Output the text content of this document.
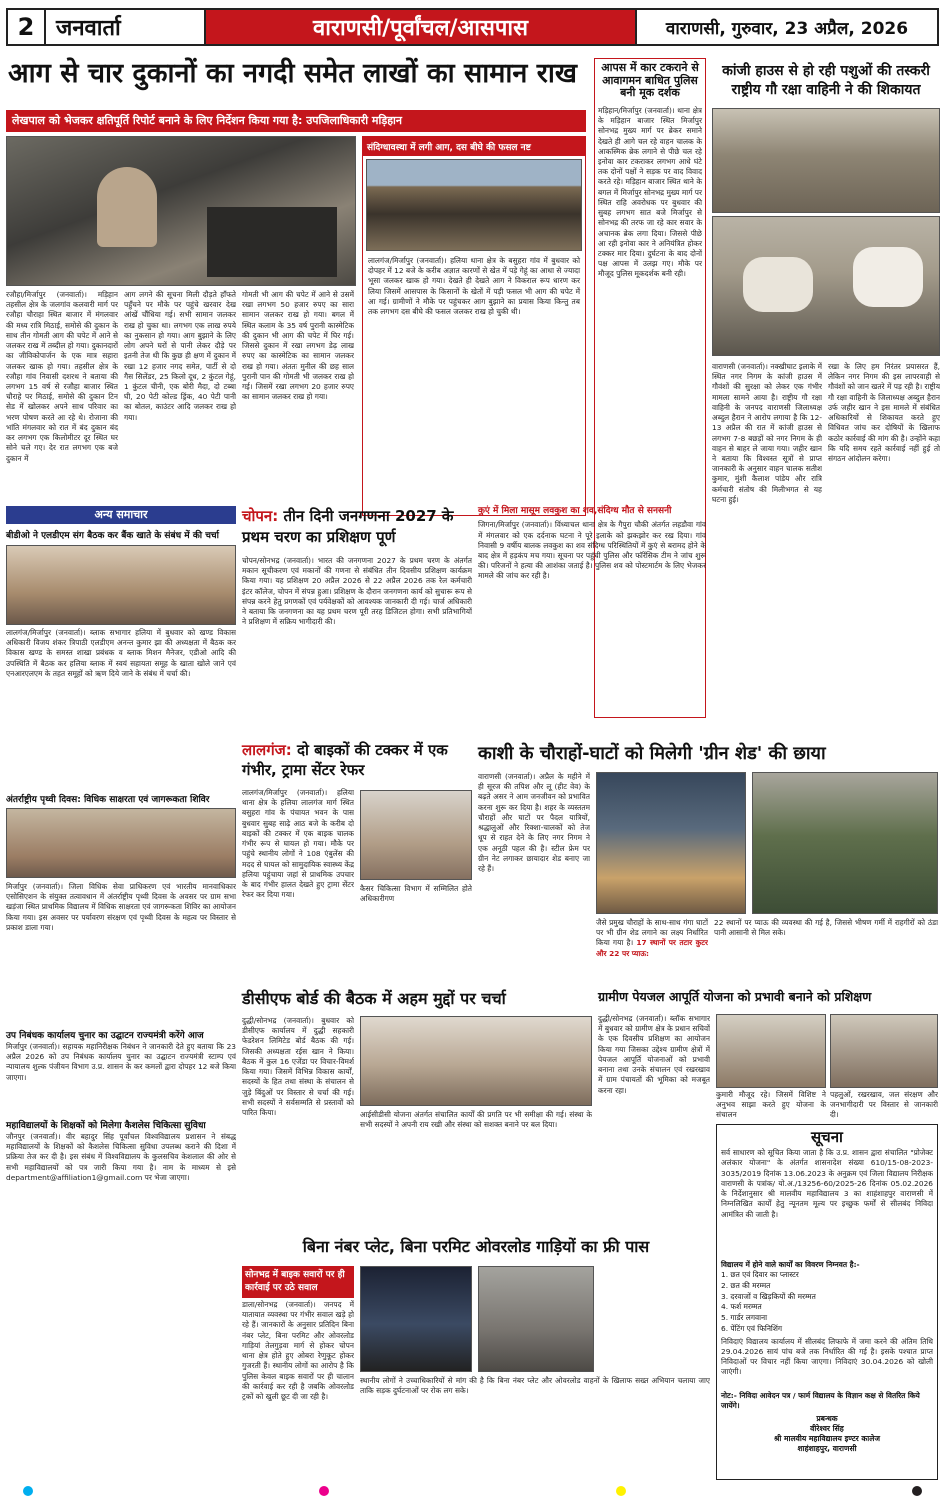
2 जनवार्ता	वाराणसी/पूर्वांचल/आसपास	वाराणसी, गुरुवार, 23 अप्रैल, 2026
आग से चार दुकानों का नगदी समेत लाखों का सामान राख
लेखपाल को भेजकर क्षतिपूर्ति रिपोर्ट बनाने के लिए निर्देशन किया गया है: उपजिलाधिकारी मड़िहान
संदिग्धावस्था में लगी आग, दस बीघे की फसल नष्ट
लालगंज/मिर्जापुर (जनवार्ता)। हलिया थाना क्षेत्र के बसुहरा गांव में बुधवार को दोपहर में 12 बजे के करीब अज्ञात कारणों से खेत में पड़े गेहूं का आधा से ज्यादा भूसा जलकर खाक हो गया। देखते ही देखते आग ने विकराल रूप धारण कर लिया जिसमें आसपास के किसानों के खेतों में पड़ी फसल भी आग की चपेट में आ गई। ग्रामीणों ने मौके पर पहुंचकर आग बुझाने का प्रयास किया किन्तु तब तक लगभग दस बीघे की फसल जलकर राख हो चुकी थी।
रजौहा/मिर्जापुर (जनवार्ता)। मड़िहान तहसील क्षेत्र के जलगांव कलवारी मार्ग पर रजौहा चौराहा स्थित बाजार में मंगलवार की मध्य रात्रि मिठाई, समोसे की दुकान के साथ तीन गोमती आग की चपेट में आने से जलकर राख में तब्दील हो गया। दुकानदारों का जीविकोपार्जन के एक मात्र सहारा जलकर खाक हो गया। तहसील क्षेत्र के रजौहा गांव निवासी दशरथ ने बताया की लगभग 15 वर्ष से रजौहा बाजार स्थित चौराहे पर मिठाई, समोसे की दुकान टिन सेड में खोलकर अपने साथ परिवार का भरण पोषण करते आ रहे थे। रोजाना की भांति मंगलवार को रात में बंद दुकान बंद कर लगभग एक किलोमीटर दूर स्थित घर सोने चले गए। देर रात लगभग एक बजे दुकान में
आग लगने की सूचना मिली दौड़ते हाँफते पहुँचने पर मौके पर पहुंचे खरवार देख आंखें चौंधिया गई। सभी सामान जलकर राख हो चुका था। लगभग एक लाख रुपये का नुकसान हो गया। आग बुझाने के लिए लोग अपने घरों से पानी लेकर दौड़े पर इतनी तेज थी कि कुछ ही क्षण में दुकान में रखा 12 हजार नगद समेत, पार्टी से दो गैस सिलेंडर, 25 किलो दूध, 2 कुंटल गेहूं, 1 कुंटल चीनी, एक बोरी मैदा, दो टब्बा घी, 20 पेटी कोल्ड ड्रिंक, 40 पेटी पानी का बोतल, काउंटर आदि जलकर राख हो गया।
गोमती भी आग की चपेट में आने से उसमें रखा लगभग 50 हजार रुपए का सारा सामान जलकर राख हो गया। बगल में स्थित कलाम के 35 वर्ष पुरानी कास्मेटिक की दुकान भी आग की चपेट में घिर गई। जिससे दुकान में रखा लगभग डेढ़ लाख रुपए का कास्मेटिक का सामान जलकर राख हो गया। अंततः मुनील की छह साल पुरानी पान की गोमती भी जलकर राख हो गई। जिसमें रखा लगभग 20 हजार रुपए का सामान जलकर राख हो गया।
आपस में कार टकराने से आवागमन बाधित पुलिस बनी मूक दर्शक
मड़िहान/मिर्जापुर (जनवार्ता)। थाना क्षेत्र के मड़िहान बाजार स्थित मिर्जापुर सोनभद्र मुख्य मार्ग पर ब्रेकर समाने देखते ही आगे चल रहे वाहन चालक के आकस्मिक ब्रेक लगाने से पीछे चल रहे इनोवा कार टकराकर लगभग आधे घंटे तक दोनों पक्षों ने सड़क पर वाद विवाद करते रहे। मड़िहान बाजार स्थित थाने के बगल में मिर्जापुर सोनभद्र मुख्य मार्ग पर स्थित राहि अवरोधक पर बुधवार की सुबह लगभग सात बजे मिर्जापुर से सोनभद्र की तरफ जा रहे कार सवार के अचानक ब्रेक लगा दिया। जिससे पीछे आ रही इनोवा कार ने अनियंत्रित होकर टक्कर मार दिया। दुर्घटना के बाद दोनों पक्ष आपस में उलझ गए। मौके पर मौजूद पुलिस मूकदर्शक बनी रही।
कांजी हाउस से हो रही पशुओं की तस्करी राष्ट्रीय गौ रक्षा वाहिनी ने की शिकायत
वाराणसी (जनवार्ता)। नक्खीघाट इलाके में स्थित नगर निगम के कांजी हाउस में गौवंशों की सुरक्षा को लेकर एक गंभीर मामला सामने आया है। राष्ट्रीय गौ रक्षा वाहिनी के जनपद वाराणसी जिलाध्यक्ष अब्दुल हैरान ने आरोप लगाया है कि 12-13 अप्रैल की रात में कांजी हाउस से लगभग 7-8 बछड़ों को नगर निगम के ही वाहन से बाहर ले जाया गया। जहीर खान ने बताया कि विश्वस्त सूत्रों से प्राप्त जानकारी के अनुसार वाहन चालक सतीश कुमार, मुंशी कैलाश पांडेय और रात्रि कर्मचारी संतोष की मिलीभगत से यह घटना हुई।
रखा के लिए हम निरंतर प्रयासरत हैं, लेकिन नगर निगम की इस लापरवाही से गौवंशों को जान खतरे में पड़ रही है। राष्ट्रीय गौ रक्षा वाहिनी के जिलाध्यक्ष अब्दुल हैरान उर्फ जहीर खान ने इस मामले में संबंधित अधिकारियों से शिकायत करते हुए विधिवत जांच कर दोषियों के खिलाफ कठोर कार्रवाई की मांग की है। उन्होंने कहा कि यदि समय रहते कार्रवाई नहीं हुई तो संगठन आंदोलन करेगा।
अन्य समाचार
बीडीओ ने एलडीएम संग बैठक कर बैंक खाते के संबंध में की चर्चा
लालगंज/मिर्जापुर (जनवार्ता)। ब्लाक सभागार हलिया में बुधवार को खण्ड विकास अधिकारी विजय शंकर त्रिपाठी एलडीएम अनन्त कुमार झा की अध्यक्षता में बैठक कर विकास खण्ड के समस्त शाखा प्रबंधक व ब्लाक मिशन मैनेजर, एडीओ आदि की उपस्थिति में बैठक कर हलिया ब्लाक में स्वयं सहायता समूह के खाता खोले जाने एवं एनआरएलएम के तहत समूहों को ऋण दिये जाने के संबंध में चर्चा की।
अंतर्राष्ट्रीय पृथ्वी दिवस: विधिक साक्षरता एवं जागरूकता शिविर
मिर्जापुर (जनवार्ता)। जिला विधिक सेवा प्राधिकरण एवं भारतीय मानवाधिकार एसोसिएशन के संयुक्त तत्वावधान में अंतर्राष्ट्रीय पृथ्वी दिवस के अवसर पर ग्राम सभा खड़ंजा स्थित प्राथमिक विद्यालय में विधिक साक्षरता एवं जागरूकता शिविर का आयोजन किया गया। इस अवसर पर पर्यावरण संरक्षण एवं पृथ्वी दिवस के महत्व पर विस्तार से प्रकाश डाला गया।
उप निबंधक कार्यालय चुनार का उद्घाटन राज्यमंत्री करेंगे आज
मिर्जापुर (जनवार्ता)। सहायक महानिरीक्षक निबंधन ने जानकारी देते हुए बताया कि 23 अप्रैल 2026 को उप निबंधक कार्यालय चुनार का उद्घाटन राज्यमंत्री स्टाम्प एवं न्यायालय शुल्क पंजीयन विभाग उ.प्र. शासन के कर कमलों द्वारा दोपहर 12 बजे किया जाएगा।
महाविद्यालयों के शिक्षकों को मिलेगा कैशलेस चिकित्सा सुविधा
जौनपुर (जनवार्ता)। वीर बहादुर सिंह पूर्वांचल विश्वविद्यालय प्रशासन ने संबद्ध महाविद्यालयों के शिक्षकों को कैशलेस चिकित्सा सुविधा उपलब्ध कराने की दिशा में प्रक्रिया तेज कर दी है। इस संबंध में विश्वविद्यालय के कुलसचिव केशलाल की ओर से सभी महाविद्यालयों को पत्र जारी किया गया है। नाम के माध्यम से इसे department@affiliation1@gmail.com पर भेजा जाएगा।
चोपन: तीन दिनी जनगणना 2027 के प्रथम चरण का प्रशिक्षण पूर्ण
चोपन/सोनभद्र (जनवार्ता)। भारत की जनगणना 2027 के प्रथम चरण के अंतर्गत मकान सूचीकरण एवं मकानों की गणना से संबंधित तीन दिवसीय प्रशिक्षण कार्यक्रम किया गया। यह प्रशिक्षण 20 अप्रैल 2026 से 22 अप्रैल 2026 तक रेल कर्मचारी इंटर कॉलेज, चोपन में संपन्न हुआ। प्रशिक्षण के दौरान जनगणना कार्य को सुचारू रूप से संपन्न करने हेतु प्रगणकों एवं पर्यवेक्षकों को आवश्यक जानकारी दी गई। चार्ज अधिकारी ने बताया कि जनगणना का यह प्रथम चरण पूरी तरह डिजिटल होगा। सभी प्रतिभागियों ने प्रशिक्षण में सक्रिय भागीदारी की।
कुएं में मिला मासूम लवकुश का शव,संदिग्ध मौत से सनसनी
जिगना/मिर्जापुर (जनवार्ता)। विंध्याचल थाना क्षेत्र के गैपुरा चौकी अंतर्गत लहडौवा गांव में मंगलवार को एक दर्दनाक घटना ने पूरे इलाके को झकझोर कर रख दिया। गांव निवासी 9 वर्षीय बालक लवकुश का शव संदिग्ध परिस्थितियों में कुएं से बरामद होने के बाद क्षेत्र में हड़कंप मच गया। सूचना पर पहुंची पुलिस और फॉरेंसिक टीम ने जांच शुरू की। परिजनों ने हत्या की आशंका जताई है। पुलिस शव को पोस्टमार्टम के लिए भेजकर मामले की जांच कर रही है।
लालगंज: दो बाइकों की टक्कर में एक गंभीर, ट्रामा सेंटर रेफर
लालगंज/मिर्जापुर (जनवार्ता)। हलिया थाना क्षेत्र के हलिया लालगंज मार्ग स्थित बसुहरा गांव के पंचायत भवन के पास बुधवार सुबह साढ़े आठ बजे के करीब दो बाइकों की टक्कर में एक बाइक चालक गंभीर रूप से घायल हो गया। मौके पर पहुंचे स्थानीय लोगों ने 108 एंबुलेंस की मदद से घायल को सामुदायिक स्वास्थ्य केंद्र हलिया पहुंचाया जहां से प्राथमिक उपचार के बाद गंभीर हालत देखते हुए ट्रामा सेंटर रेफर कर दिया गया।
कैसर चिकित्सा विभाग में सम्मिलित होते अधिकारीगण
काशी के चौराहों-घाटों को मिलेगी 'ग्रीन शेड' की छाया
वाराणसी (जनवार्ता)। अप्रैल के महीने में ही सूरज की तपिश और लू (हीट वेव) के बढ़ते असर ने आम जनजीवन को प्रभावित करना शुरू कर दिया है। शहर के व्यस्ततम चौराहों और घाटों पर पैदल यात्रियों, श्रद्धालुओं और रिक्शा-चालकों को तेज धूप से राहत देने के लिए नगर निगम ने एक अनूठी पहल की है। स्टील फ्रेम पर ग्रीन नेट लगाकर छायादार शेड बनाए जा रहे हैं।
जैसे प्रमुख चौराहों के साथ-साथ गंगा घाटों पर भी ग्रीन शेड लगाने का लक्ष्य निर्धारित किया गया है। 17 स्थानों पर तटार कुटर और 22 पर प्याऊ:
22 स्थानों पर प्याऊ की व्यवस्था की गई है, जिससे भीषण गर्मी में राहगीरों को ठंडा पानी आसानी से मिल सके।
डीसीएफ बोर्ड की बैठक में अहम मुद्दों पर चर्चा
दुद्धी/सोनभद्र (जनवार्ता)। बुधवार को डीसीएफ कार्यालय में दुद्धी सहकारी फेडरेशन लिमिटेड बोर्ड बैठक की गई। जिसकी अध्यक्षता रईस खान ने किया। बैठक में कुल 16 एजेंडा पर विचार-विमर्श किया गया। जिसमें विभिन्न विकास कार्यों, सदस्यों के हित तथा संस्था के संचालन से जुड़े बिंदुओं पर विस्तार से चर्चा की गई। सभी सदस्यों ने सर्वसम्मति से प्रस्तावों को पारित किया।	आईसीडीसी योजना अंतर्गत संचालित कार्यों की प्रगति पर भी समीक्षा की गई। संस्था के सभी सदस्यों ने अपनी राय रखी और संस्था को सशक्त बनाने पर बल दिया।
ग्रामीण पेयजल आपूर्ति योजना को प्रभावी बनाने को प्रशिक्षण
दुद्धी/सोनभद्र (जनवार्ता)। ब्लॉक सभागार में बुधवार को ग्रामीण क्षेत्र के प्रधान सचिवों के एक दिवसीय प्रशिक्षण का आयोजन किया गया जिसका उद्देश्य ग्रामीण क्षेत्रों में पेयजल आपूर्ति योजनाओं को प्रभावी बनाना तथा उनके संचालन एवं रखरखाव में ग्राम पंचायतों की भूमिका को मजबूत करना रहा।	कुमारी मौजूद रहे। जिसमें विशिष्ट ने अनुभव साझा करते हुए योजना के संचालन
पहलुओं, रखरखाव, जल संरक्षण और जनभागीदारी पर विस्तार से जानकारी दी।
सूचना
सर्व साधारण को सूचित किया जाता है कि उ.प्र. शासन द्वारा संचालित "प्रोजेक्ट अलंकार योजना" के अंतर्गत शासनादेश संख्या 610/15-08-2023-3035/2019 दिनांक 13.06.2023 के अनुक्रम एवं जिला विद्यालय निरीक्षक वाराणसी के पत्रांक/ यो.अ./13256-60/2025-26 दिनांक 05.02.2026 के निर्देशानुसार श्री मालवीय महाविद्यालय 3 का शाहंशाहपुर वाराणसी में निम्नलिखित कार्यों हेतु न्यूनतम मूल्य पर इच्छुक फर्मों से सीलबंद निविदा आमंत्रित की जाती है।
विद्यालय में होने वाले कार्यों का विवरण निम्नवत है:-
1. छत एवं दिवार का प्लास्टर
2. छत की मरम्मत
3. दरवाजों व खिड़कियों की मरम्मत
4. फर्श मरम्मत
5. गार्डर लगवाना
6. पेंटिंग एवं फिनिशिंग
निविदाएं विद्यालय कार्यालय में सीलबंद लिफाफे में जमा करने की अंतिम तिथि 29.04.2026 सायं पांच बजे तक निर्धारित की गई है। इसके पश्चात प्राप्त निविदाओं पर विचार नहीं किया जाएगा। निविदाएं 30.04.2026 को खोली जाएंगी।
नोट:- निविदा आवेदन पत्र / फार्म विद्यालय के विज्ञान कक्ष से वितरित किये जायेंगे।
प्रबन्धक
वीरेश्वर सिंह
श्री मालवीय महाविद्यालय इण्टर कालेज
शाहंशाहपुर, वाराणसी
बिना नंबर प्लेट, बिना परमिट ओवरलोड गाड़ियों का फ्री पास
सोनभद्र में बाइक सवारों पर ही कार्रवाई पर उठे सवाल
डाला/सोनभद्र (जनवार्ता)। जनपद में यातायात व्यवस्था पर गंभीर सवाल खड़े हो रहे हैं। जानकारों के अनुसार प्रतिदिन बिना नंबर प्लेट, बिना परमिट और ओवरलोड गाड़ियां तेलगुड़वा मार्ग से होकर चोपन थाना क्षेत्र होते हुए ओबरा रेणुकूट होकर गुजरती हैं। स्थानीय लोगों का आरोप है कि पुलिस केवल बाइक सवारों पर ही चालान की कार्रवाई कर रही है जबकि ओवरलोड ट्रकों को खुली छूट दी जा रही है।
स्थानीय लोगों ने उच्चाधिकारियों से मांग की है कि बिना नंबर प्लेट और ओवरलोड वाहनों के खिलाफ सख्त अभियान चलाया जाए ताकि सड़क दुर्घटनाओं पर रोक लग सके।
